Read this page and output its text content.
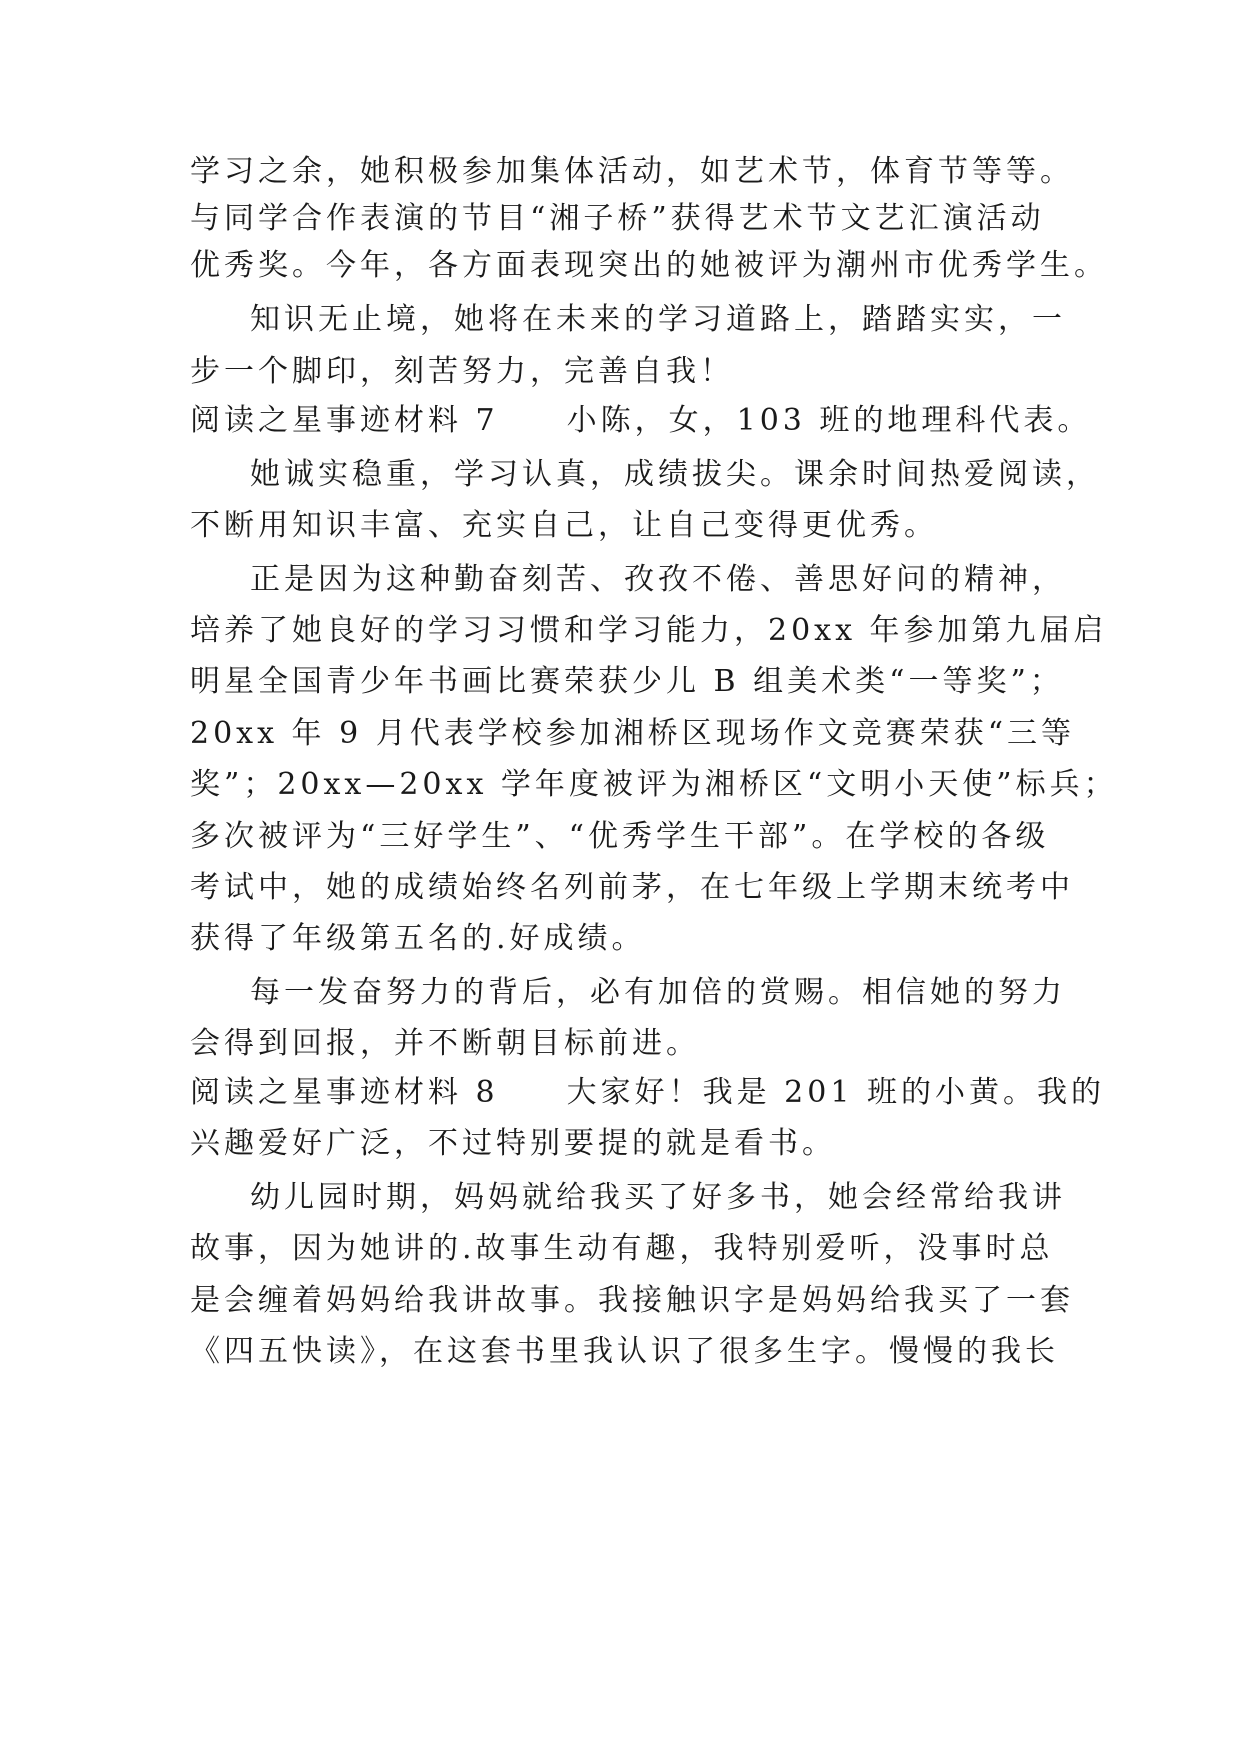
学习之余，她积极参加集体活动，如艺术节，体育节等等。
与同学合作表演的节目“湘子桥”获得艺术节文艺汇演活动
优秀奖。今年，各方面表现突出的她被评为潮州市优秀学生。
知识无止境，她将在未来的学习道路上，踏踏实实，一
步一个脚印，刻苦努力，完善自我！
阅读之星事迹材料 7　　小陈，女，103 班的地理科代表。
她诚实稳重，学习认真，成绩拔尖。课余时间热爱阅读，
不断用知识丰富、充实自己，让自己变得更优秀。
正是因为这种勤奋刻苦、孜孜不倦、善思好问的精神，
培养了她良好的学习习惯和学习能力，20xx 年参加第九届启
明星全国青少年书画比赛荣获少儿 B 组美术类“一等奖”；
20xx 年 9 月代表学校参加湘桥区现场作文竞赛荣获“三等
奖”；20xx—20xx 学年度被评为湘桥区“文明小天使”标兵；
多次被评为“三好学生”、“优秀学生干部”。在学校的各级
考试中，她的成绩始终名列前茅，在七年级上学期末统考中
获得了年级第五名的.好成绩。
每一发奋努力的背后，必有加倍的赏赐。相信她的努力
会得到回报，并不断朝目标前进。
阅读之星事迹材料 8　　大家好！我是 201 班的小黄。我的
兴趣爱好广泛，不过特别要提的就是看书。
幼儿园时期，妈妈就给我买了好多书，她会经常给我讲
故事，因为她讲的.故事生动有趣，我特别爱听，没事时总
是会缠着妈妈给我讲故事。我接触识字是妈妈给我买了一套
《四五快读》，在这套书里我认识了很多生字。慢慢的我长
